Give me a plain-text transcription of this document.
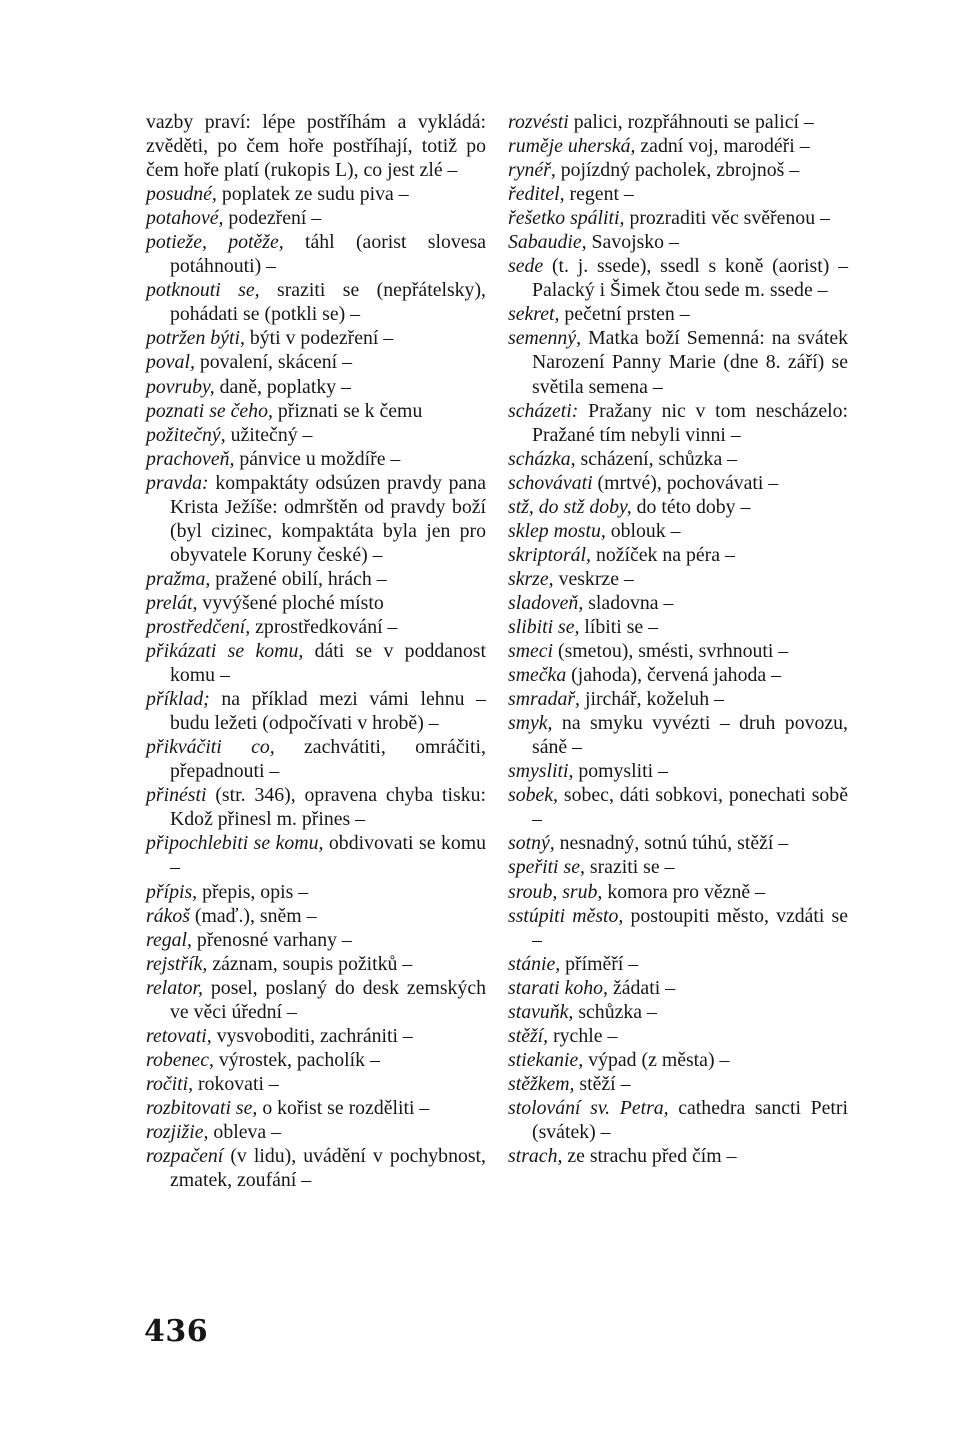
vazby praví: lépe postříhám a vykládá: zvěděti, po čem hoře postříhají, totiž po čem hoře platí (rukopis L), co jest zlé –

posudné, poplatek ze sudu piva –

potahové, podezření –

potieže, potěže, táhl (aorist slovesa potáhnouti) –

potknouti se, sraziti se (nepřátelsky), pohádati se (potkli se) –

potržen býti, býti v podezření –

poval, povalení, skácení –

povruby, daně, poplatky –

poznati se čeho, přiznati se k čemu

požitečný, užitečný –

prachoveň, pánvice u moždíře –

pravda: kompaktáty odsúzen pravdy pana Krista Ježíše: odmrštěn od pravdy boží (byl cizinec, kompaktáta byla jen pro obyvatele Koruny české) –

pražma, pražené obilí, hrách –

prelát, vyvýšené ploché místo

prostředčení, zprostředkování –

přikázati se komu, dáti se v poddanost komu –

příklad; na příklad mezi vámi lehnu – budu ležeti (odpočívati v hrobě) –

přikváčiti co, zachvátiti, omráčiti, přepadnouti –

přinésti (str. 346), opravena chyba tisku: Kdož přinesl m. přines –

připochlebiti se komu, obdivovati se komu –

přípis, přepis, opis –

rákoš (maď.), sněm –

regal, přenosné varhany –

rejstřík, záznam, soupis požitků –

relator, posel, poslaný do desk zemských ve věci úřední –

retovati, vysvoboditi, zachrániti –

robenec, výrostek, pacholík –

ročiti, rokovati –

rozbitovati se, o kořist se rozděliti –

rozjižie, obleva –

rozpačení (v lidu), uvádění v pochybnost, zmatek, zoufání –

rozvésti palici, rozpřáhnouti se palicí –

ruměje uherská, zadní voj, marodéři –

rynéř, pojízdný pacholek, zbrojnoš –

ředitel, regent –

řešetko spáliti, prozraditi věc svěřenou –

Sabaudie, Savojsko –

sede (t. j. ssede), ssedl s koně (aorist) – Palacký i Šimek čtou sede m. ssede –

sekret, pečetní prsten –

semenný, Matka boží Semenná: na svátek Narození Panny Marie (dne 8. září) se světila semena –

scházeti: Pražany nic v tom nescházelo: Pražané tím nebyli vinni –

scházka, scházení, schůzka –

schovávati (mrtvé), pochovávati –

stž, do stž doby, do této doby –

sklep mostu, oblouk –

skriptorál, nožíček na péra –

skrze, veskrze –

sladoveň, sladovna –

slibiti se, líbiti se –

smeci (smetou), smésti, svrhnouti –

smečka (jahoda), červená jahoda –

smradař, jirchář, koželuh –

smyk, na smyku vyvézti – druh povozu, sáně –

smysliti, pomysliti –

sobek, sobec, dáti sobkovi, ponechati sobě –

sotný, nesnadný, sotnú túhú, stěží –

speřiti se, sraziti se –

sroub, srub, komora pro vězně –

sstúpiti město, postoupiti město, vzdáti se –

stánie, příměří –

starati koho, žádati –

stavuňk, schůzka –

stěží, rychle –

stiekanie, výpad (z města) –

stěžkem, stěží –

stolování sv. Petra, cathedra sancti Petri (svátek) –

strach, ze strachu před čím –

436
